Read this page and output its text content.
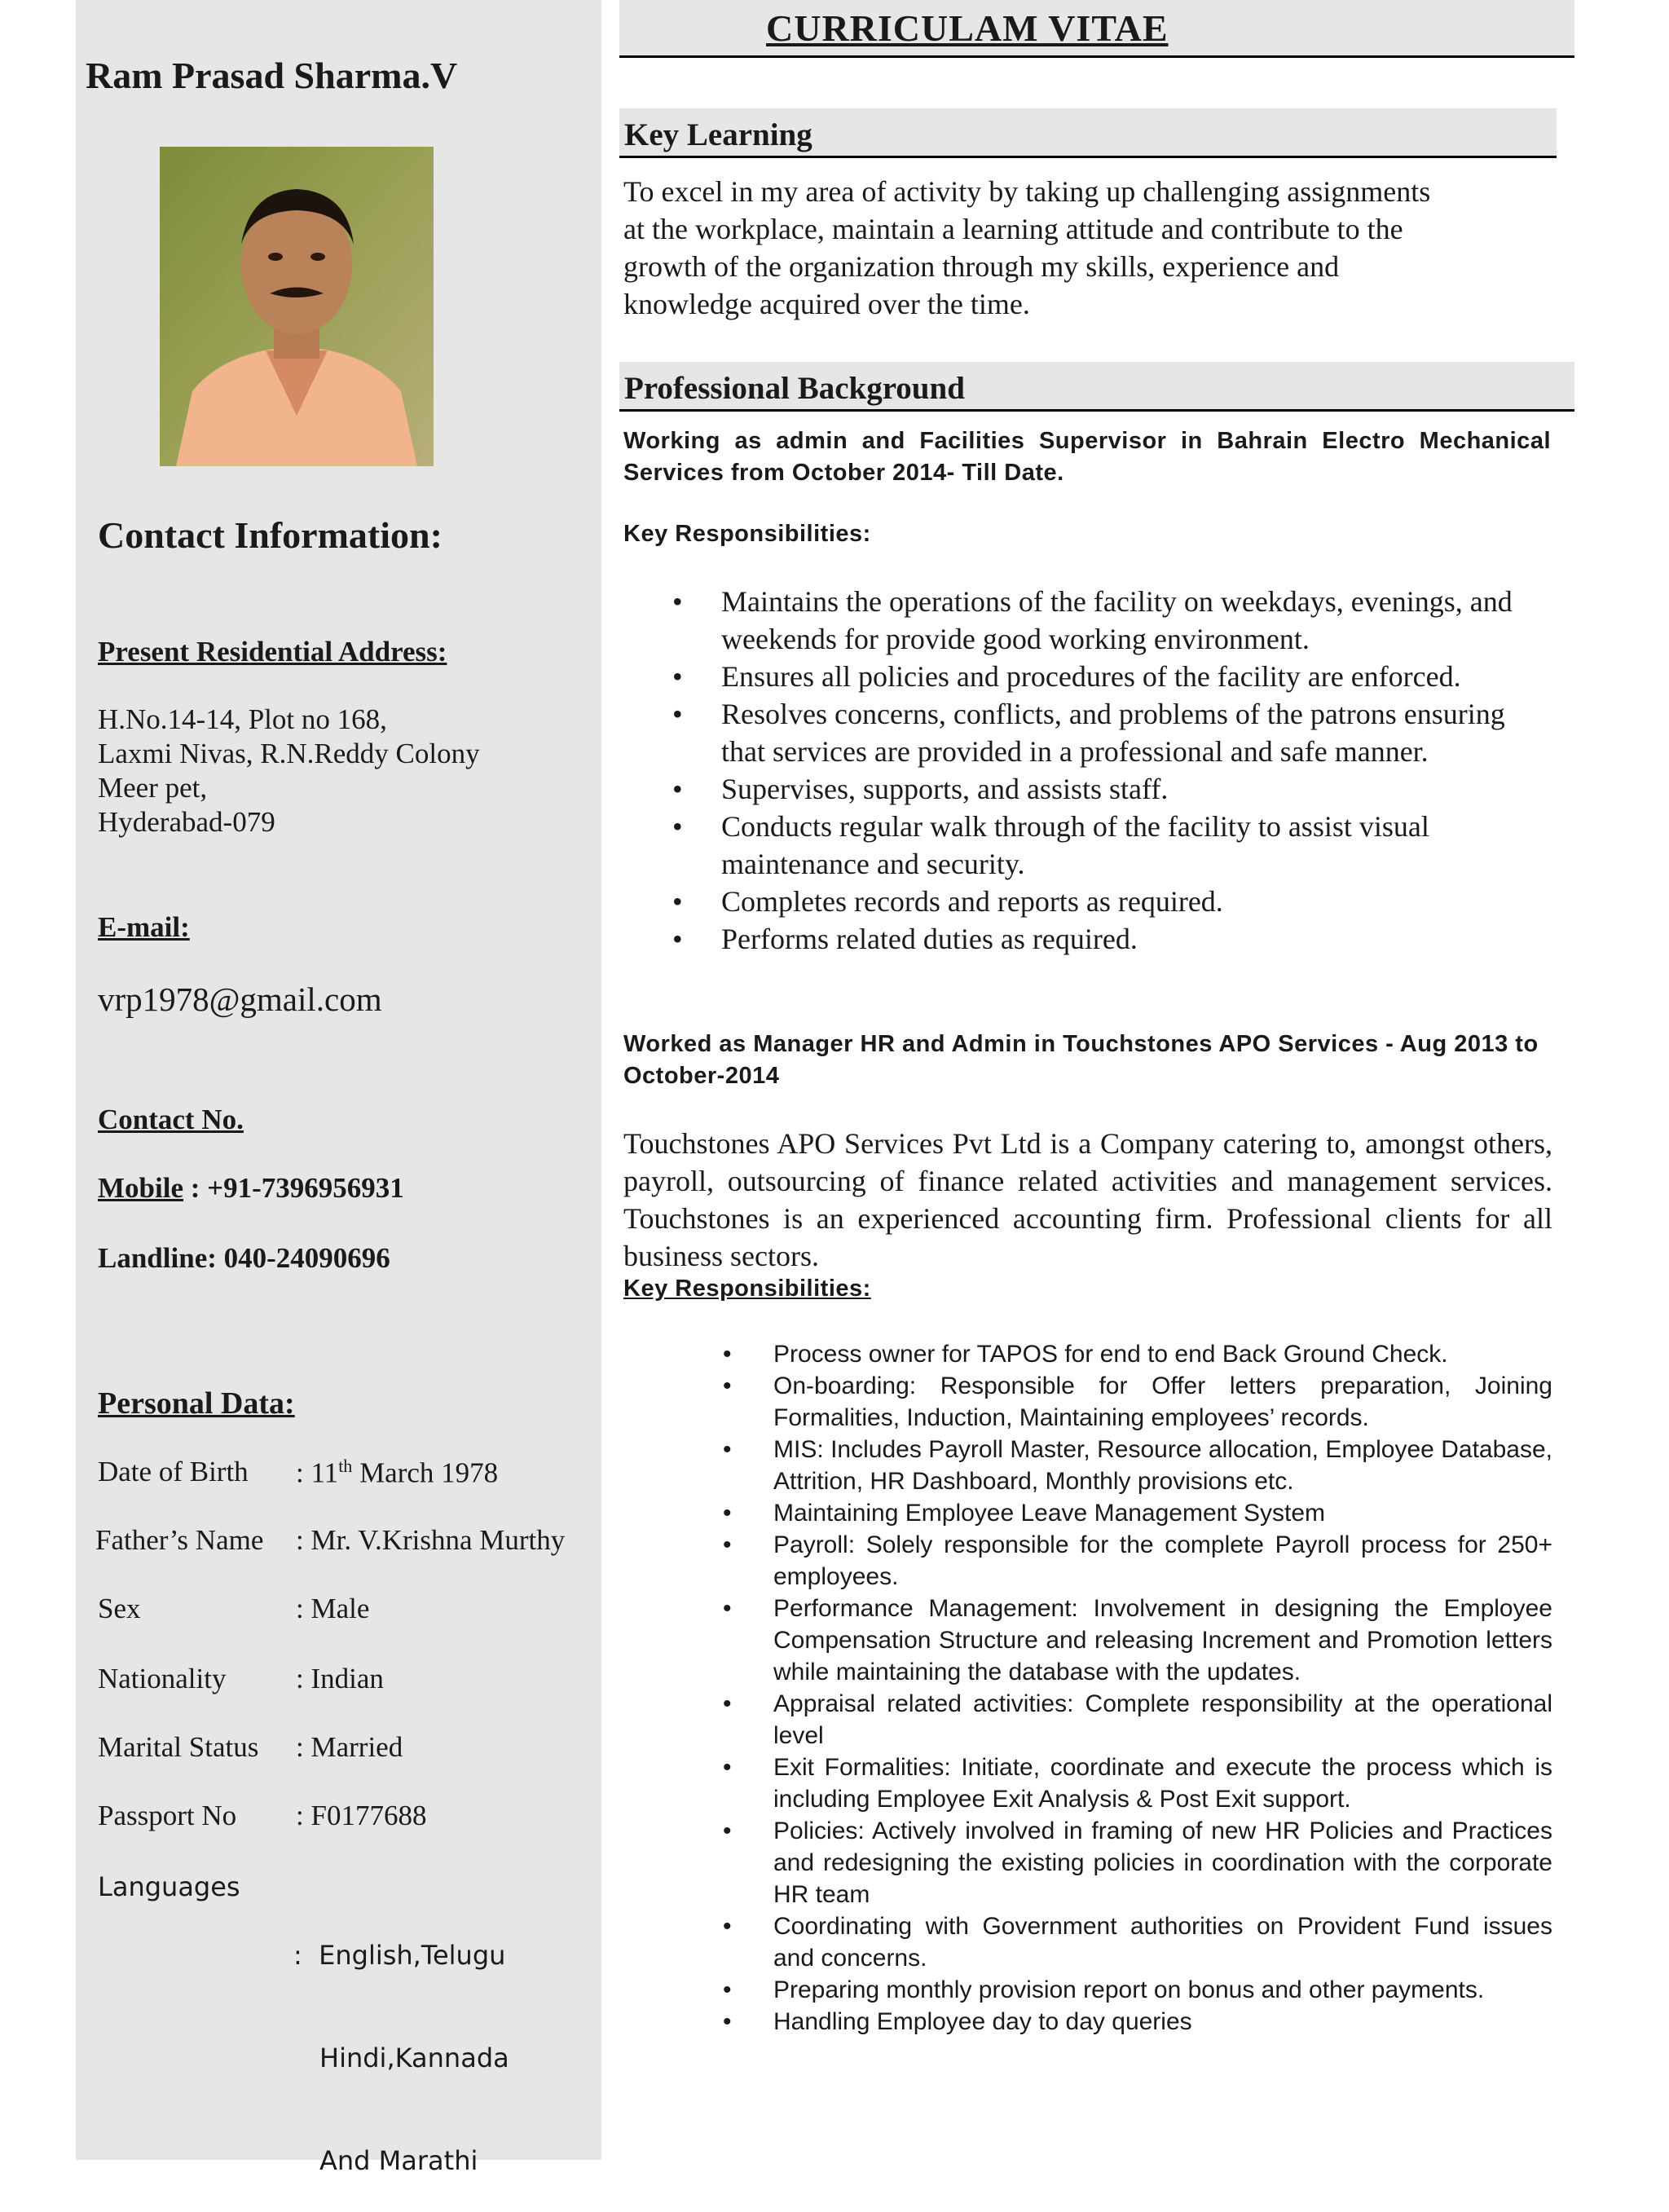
Ram Prasad Sharma.V
Contact Information:
Present Residential Address:
H.No.14-14, Plot no 168,
Laxmi Nivas, R.N.Reddy Colony
Meer pet,
Hyderabad-079
E-mail:
vrp1978@gmail.com
Contact No.
Mobile : +91-7396956931
Landline: 040-24090696
Personal Data:
Date of Birth : 11th March 1978
Father’s Name : Mr. V.Krishna Murthy
Sex	: Male
Nationality : Indian
Marital Status : Married
Passport No : F0177688
Languages

:  English,Telugu

Hindi,Kannada

And Marathi

CURRICULAM VITAE
Key Learning
To excel in my area of activity by taking up challenging assignments
at the workplace, maintain a learning attitude and contribute to the
growth of the organization through my skills, experience and
knowledge acquired over the time.
Professional Background
Working as admin and Facilities Supervisor in Bahrain Electro Mechanical Services from October 2014- Till Date.
Key Responsibilities:
• Maintains the operations of the facility on weekdays, evenings, and weekends for provide good working environment.
• Ensures all policies and procedures of the facility are enforced.
• Resolves concerns, conflicts, and problems of the patrons ensuring that services are provided in a professional and safe manner.
• Supervises, supports, and assists staff.
• Conducts regular walk through of the facility to assist visual maintenance and security.
• Completes records and reports as required.
• Performs related duties as required.
Worked as Manager HR and Admin in Touchstones APO Services - Aug 2013 to October-2014
Touchstones APO Services Pvt Ltd is a Company catering to, amongst others, payroll, outsourcing of finance related activities and management services. Touchstones is an experienced accounting firm. Professional clients for all business sectors.
Key Responsibilities:
• Process owner for TAPOS for end to end Back Ground Check.
• On-boarding: Responsible for Offer letters preparation, Joining Formalities, Induction, Maintaining employees’ records.
• MIS: Includes Payroll Master, Resource allocation, Employee Database, Attrition, HR Dashboard, Monthly provisions etc.
• Maintaining Employee Leave Management System
• Payroll: Solely responsible for the complete Payroll process for 250+ employees.
• Performance Management: Involvement in designing the Employee Compensation Structure and releasing Increment and Promotion letters while maintaining the database with the updates.
• Appraisal related activities: Complete responsibility at the operational level
• Exit Formalities: Initiate, coordinate and execute the process which is including Employee Exit Analysis & Post Exit support.
• Policies: Actively involved in framing of new HR Policies and Practices and redesigning the existing policies in coordination with the corporate HR team
• Coordinating with Government authorities on Provident Fund issues and concerns.
• Preparing monthly provision report on bonus and other payments.
• Handling Employee day to day queries
